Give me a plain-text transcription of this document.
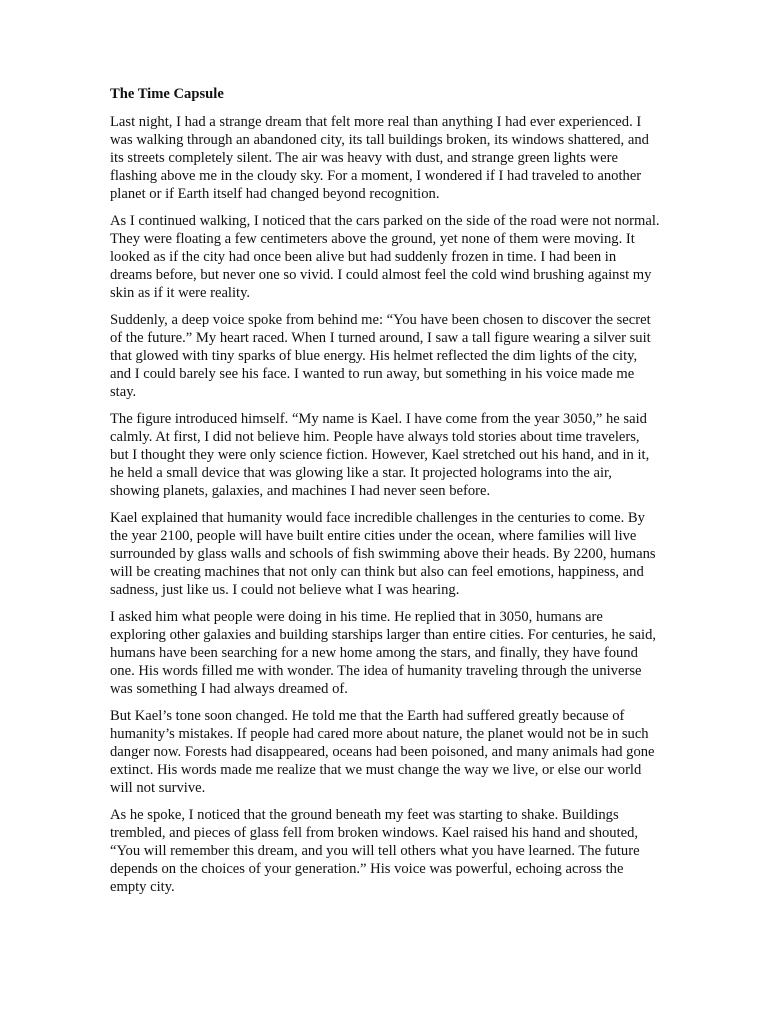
The Time Capsule

Last night, I had a strange dream that felt more real than anything I had ever experienced. I was walking through an abandoned city, its tall buildings broken, its windows shattered, and its streets completely silent. The air was heavy with dust, and strange green lights were flashing above me in the cloudy sky. For a moment, I wondered if I had traveled to another planet or if Earth itself had changed beyond recognition.

As I continued walking, I noticed that the cars parked on the side of the road were not normal. They were floating a few centimeters above the ground, yet none of them were moving. It looked as if the city had once been alive but had suddenly frozen in time. I had been in dreams before, but never one so vivid. I could almost feel the cold wind brushing against my skin as if it were reality.

Suddenly, a deep voice spoke from behind me: “You have been chosen to discover the secret of the future.” My heart raced. When I turned around, I saw a tall figure wearing a silver suit that glowed with tiny sparks of blue energy. His helmet reflected the dim lights of the city, and I could barely see his face. I wanted to run away, but something in his voice made me stay.

The figure introduced himself. “My name is Kael. I have come from the year 3050,” he said calmly. At first, I did not believe him. People have always told stories about time travelers, but I thought they were only science fiction. However, Kael stretched out his hand, and in it, he held a small device that was glowing like a star. It projected holograms into the air, showing planets, galaxies, and machines I had never seen before.

Kael explained that humanity would face incredible challenges in the centuries to come. By the year 2100, people will have built entire cities under the ocean, where families will live surrounded by glass walls and schools of fish swimming above their heads. By 2200, humans will be creating machines that not only can think but also can feel emotions, happiness, and sadness, just like us. I could not believe what I was hearing.

I asked him what people were doing in his time. He replied that in 3050, humans are exploring other galaxies and building starships larger than entire cities. For centuries, he said, humans have been searching for a new home among the stars, and finally, they have found one. His words filled me with wonder. The idea of humanity traveling through the universe was something I had always dreamed of.

But Kael’s tone soon changed. He told me that the Earth had suffered greatly because of humanity’s mistakes. If people had cared more about nature, the planet would not be in such danger now. Forests had disappeared, oceans had been poisoned, and many animals had gone extinct. His words made me realize that we must change the way we live, or else our world will not survive.

As he spoke, I noticed that the ground beneath my feet was starting to shake. Buildings trembled, and pieces of glass fell from broken windows. Kael raised his hand and shouted, “You will remember this dream, and you will tell others what you have learned. The future depends on the choices of your generation.” His voice was powerful, echoing across the empty city.
